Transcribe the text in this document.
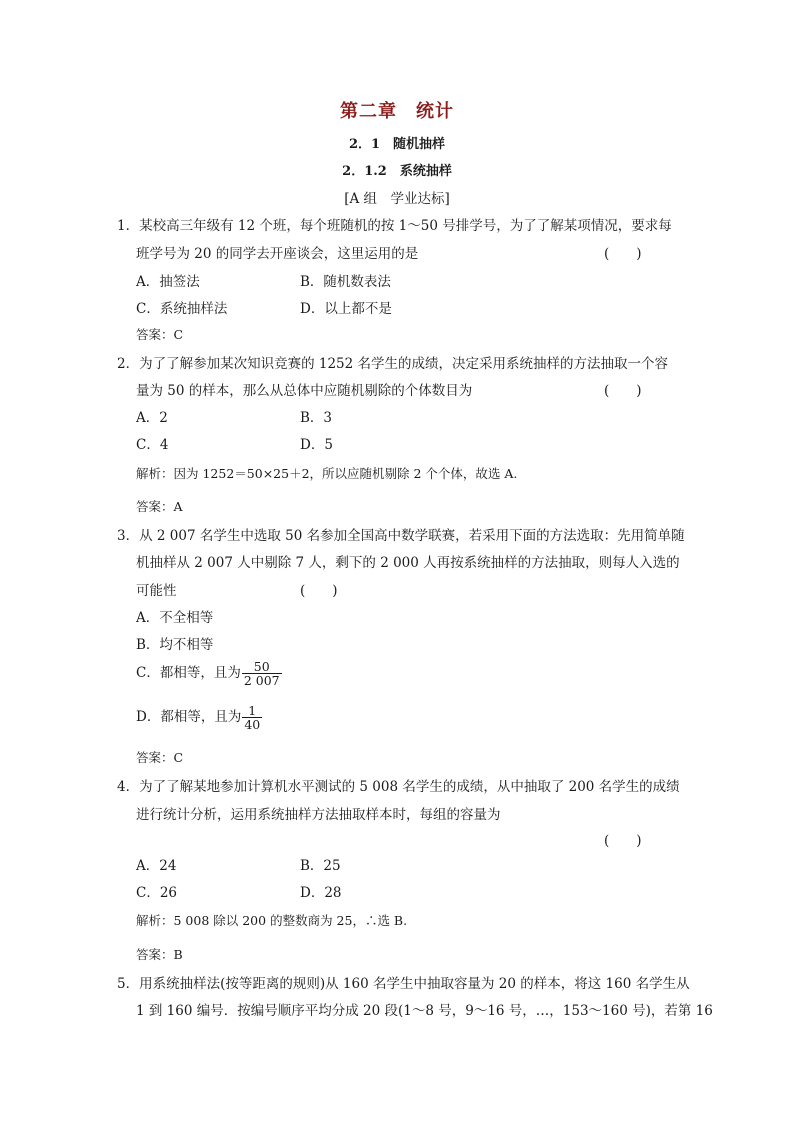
第二章　统计
2．1　随机抽样
2．1.2　系统抽样
[A 组　学业达标]
1．某校高三年级有 12 个班，每个班随机的按 1～50 号排学号，为了了解某项情况，要求每
班学号为 20 的同学去开座谈会，这里运用的是	(　　)
A．抽签法	B．随机数表法
C．系统抽样法	D．以上都不是
答案：C
2．为了了解参加某次知识竞赛的 1252 名学生的成绩，决定采用系统抽样的方法抽取一个容
量为 50 的样本，那么从总体中应随机剔除的个体数目为	(　　)
A．2	B．3
C．4	D．5
解析：因为 1252＝50×25＋2，所以应随机剔除 2 个个体，故选 A.
答案：A
3．从 2 007 名学生中选取 50 名参加全国高中数学联赛，若采用下面的方法选取：先用简单随
机抽样从 2 007 人中剔除 7 人，剩下的 2 000 人再按系统抽样的方法抽取，则每人入选的
可能性	(　　)
A．不全相等
B．均不相等
C．都相等，且为 $\frac{50}{2 007}$
D．都相等，且为 $\frac{1}{40}$
答案：C
4．为了了解某地参加计算机水平测试的 5 008 名学生的成绩，从中抽取了 200 名学生的成绩
进行统计分析，运用系统抽样方法抽取样本时，每组的容量为
(　　)
A．24	B．25
C．26	D．28
解析：5 008 除以 200 的整数商为 25，∴选 B.
答案：B
5．用系统抽样法(按等距离的规则)从 160 名学生中抽取容量为 20 的样本，将这 160 名学生从
1 到 160 编号．按编号顺序平均分成 20 段(1～8 号，9～16 号，…，153～160 号)，若第 16
